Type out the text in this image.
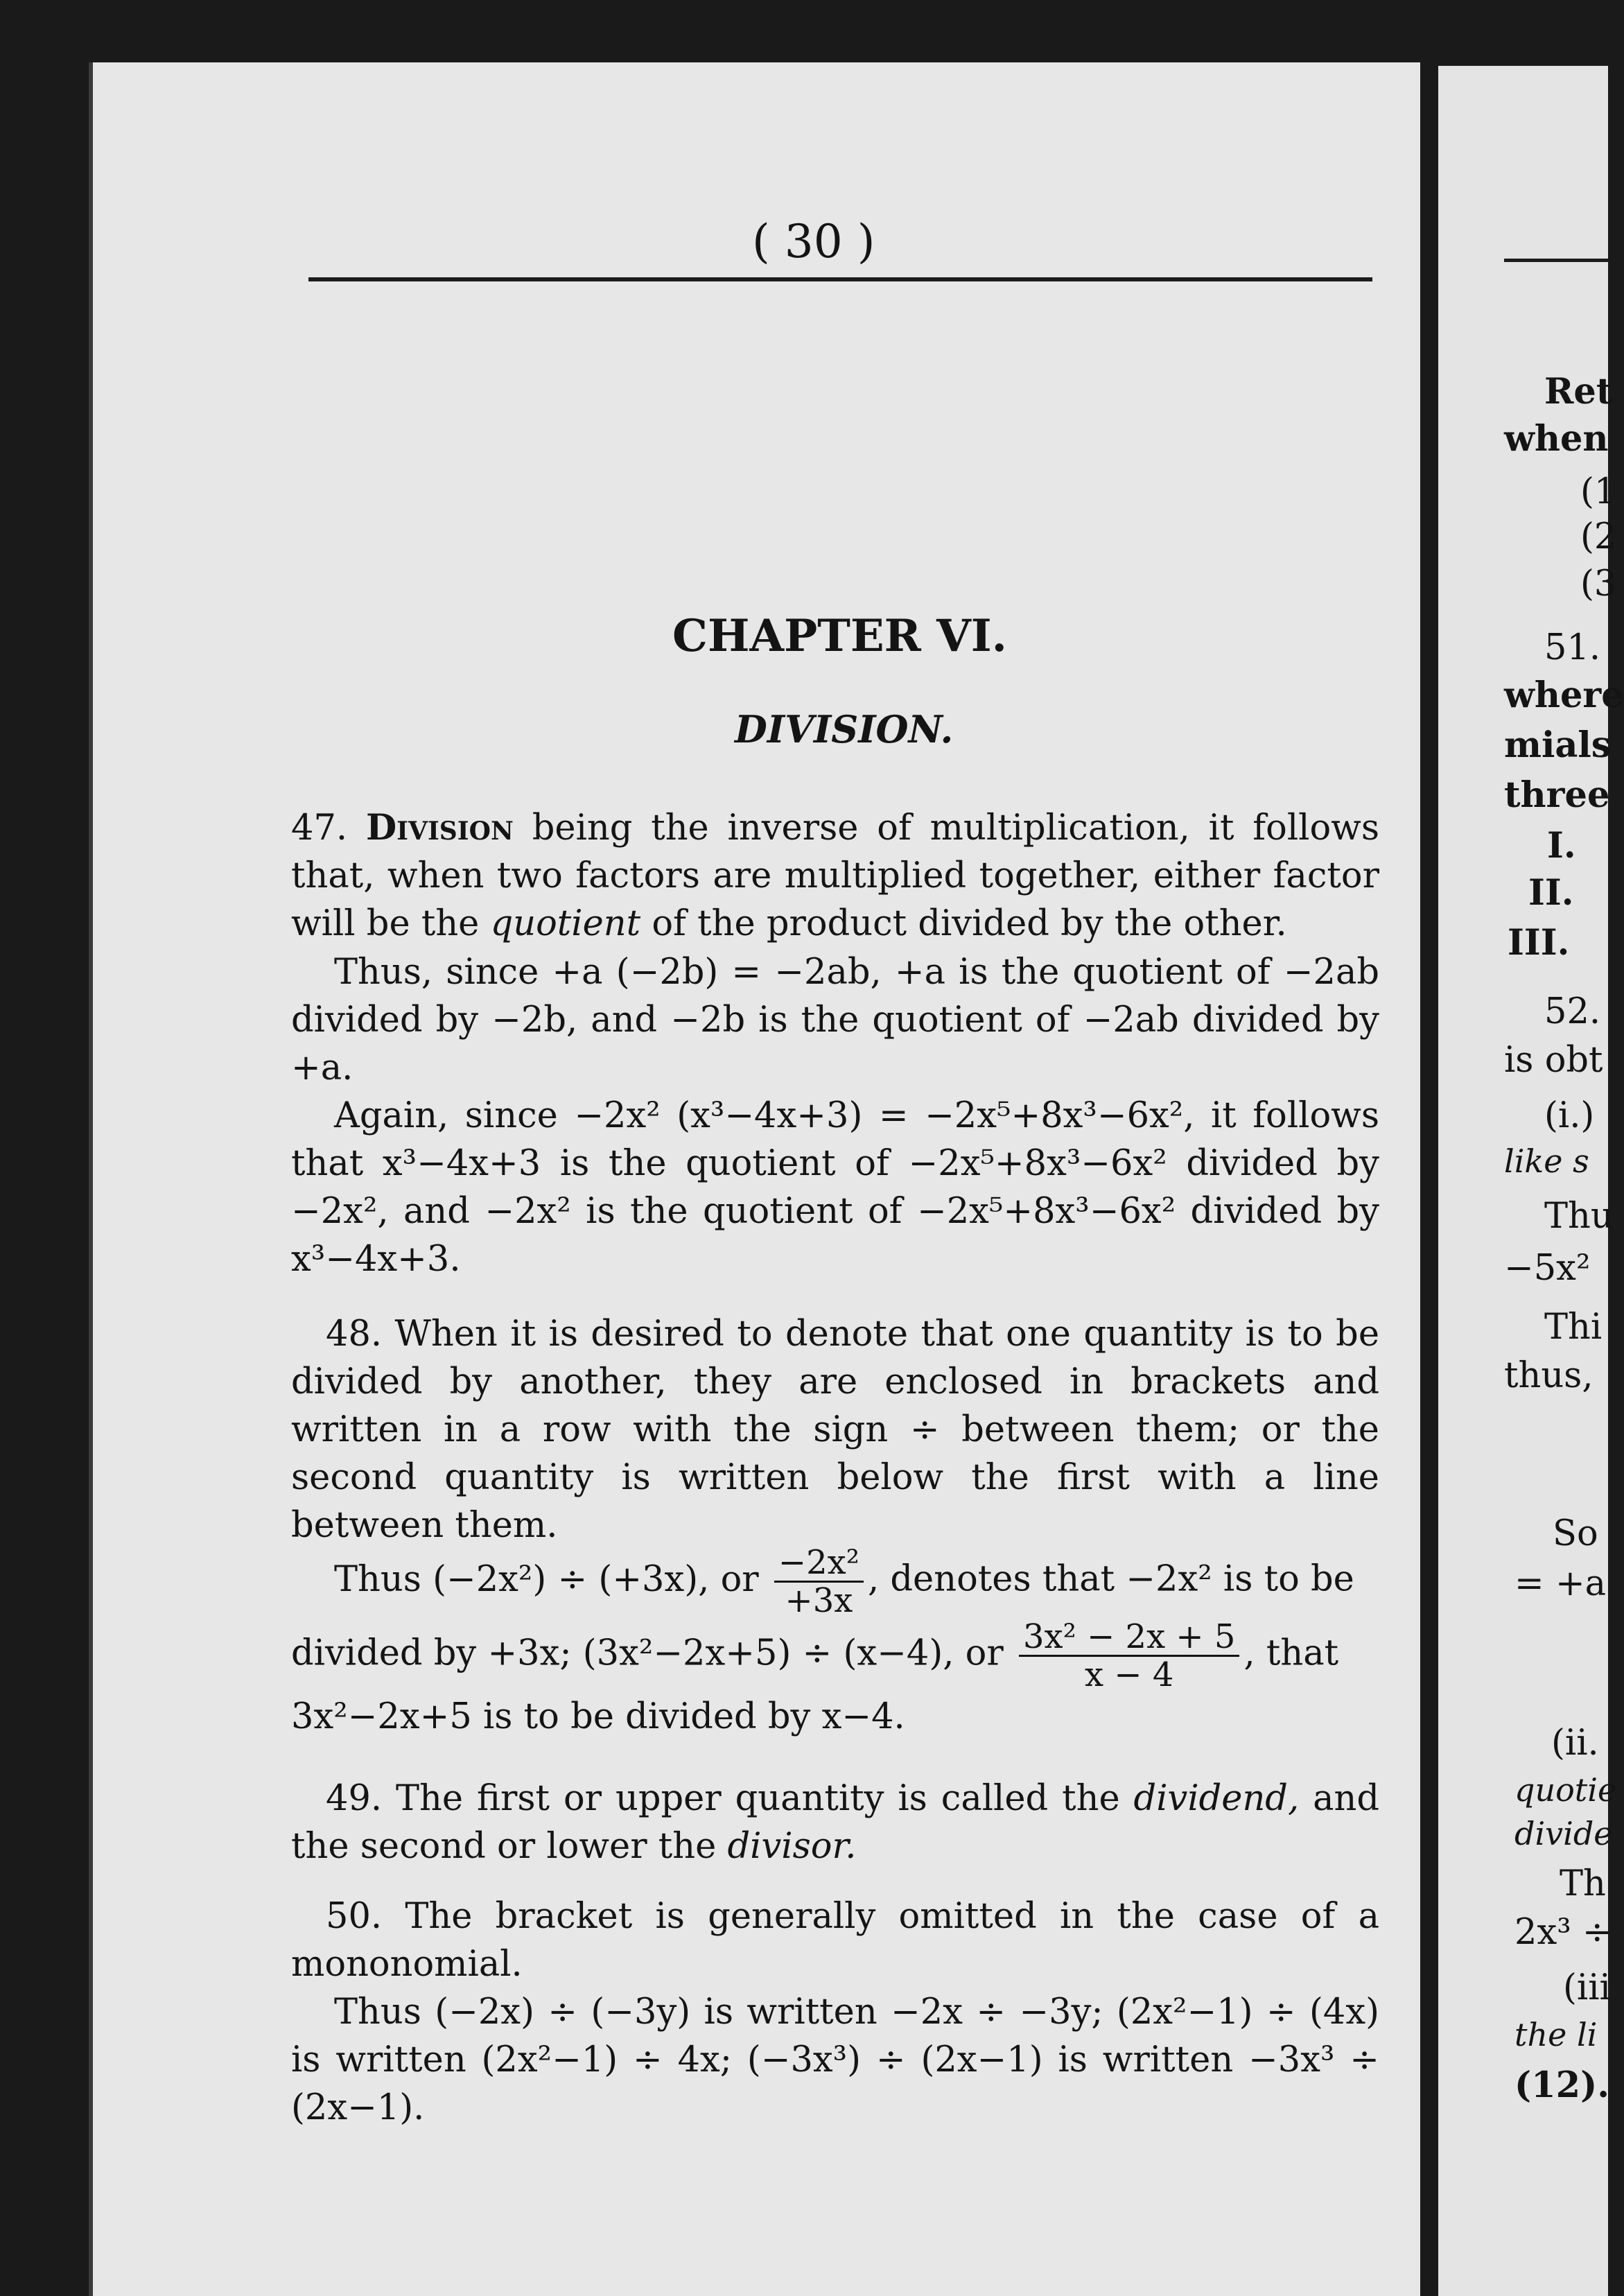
( 30 )
CHAPTER VI.
DIVISION.

47. Division being the inverse of multiplication, it follows that, when two factors are multiplied together, either factor will be the quotient of the product divided by the other.

Thus, since +a (−2b) = −2ab, +a is the quotient of −2ab divided by −2b, and −2b is the quotient of −2ab divided by +a.

Again, since −2x² (x³−4x+3) = −2x⁵+8x³−6x², it follows that x³−4x+3 is the quotient of −2x⁵+8x³−6x² divided by −2x², and −2x² is the quotient of −2x⁵+8x³−6x² divided by x³−4x+3.

48. When it is desired to denote that one quantity is to be divided by another, they are enclosed in brackets and written in a row with the sign ÷ between them; or the second quantity is written below the first with a line between them.

Thus (−2x²) ÷ (+3x), or $\frac{\text{−2x²}}{+3x}$ , denotes that −2x² is to be divided by +3x; (3x²−2x+5) ÷ (x−4), or $\frac{\text{3x² − 2x + 5}}{x - 4}$ , that 3x²−2x+5 is to be divided by x−4.

49. The first or upper quantity is called the dividend, and the second or lower the divisor.

50. The bracket is generally omitted in the case of a mononomial.

Thus (−2x) ÷ (−3y) is written −2x ÷ −3y; (2x²−1) ÷ (4x) is written (2x²−1) ÷ 4x; (−3x³) ÷ (2x−1) is written −3x³ ÷ (2x−1).

Ret
when
(1
(2
(3
51.
where
mials
three
I.
II.
III.
52.
is obt
(i.)
like s
Thu
−5x²
Thi
thus,
So
= +a
(ii.
quotie
divide
Th
2x³ ÷
(iii
the li
(12).
